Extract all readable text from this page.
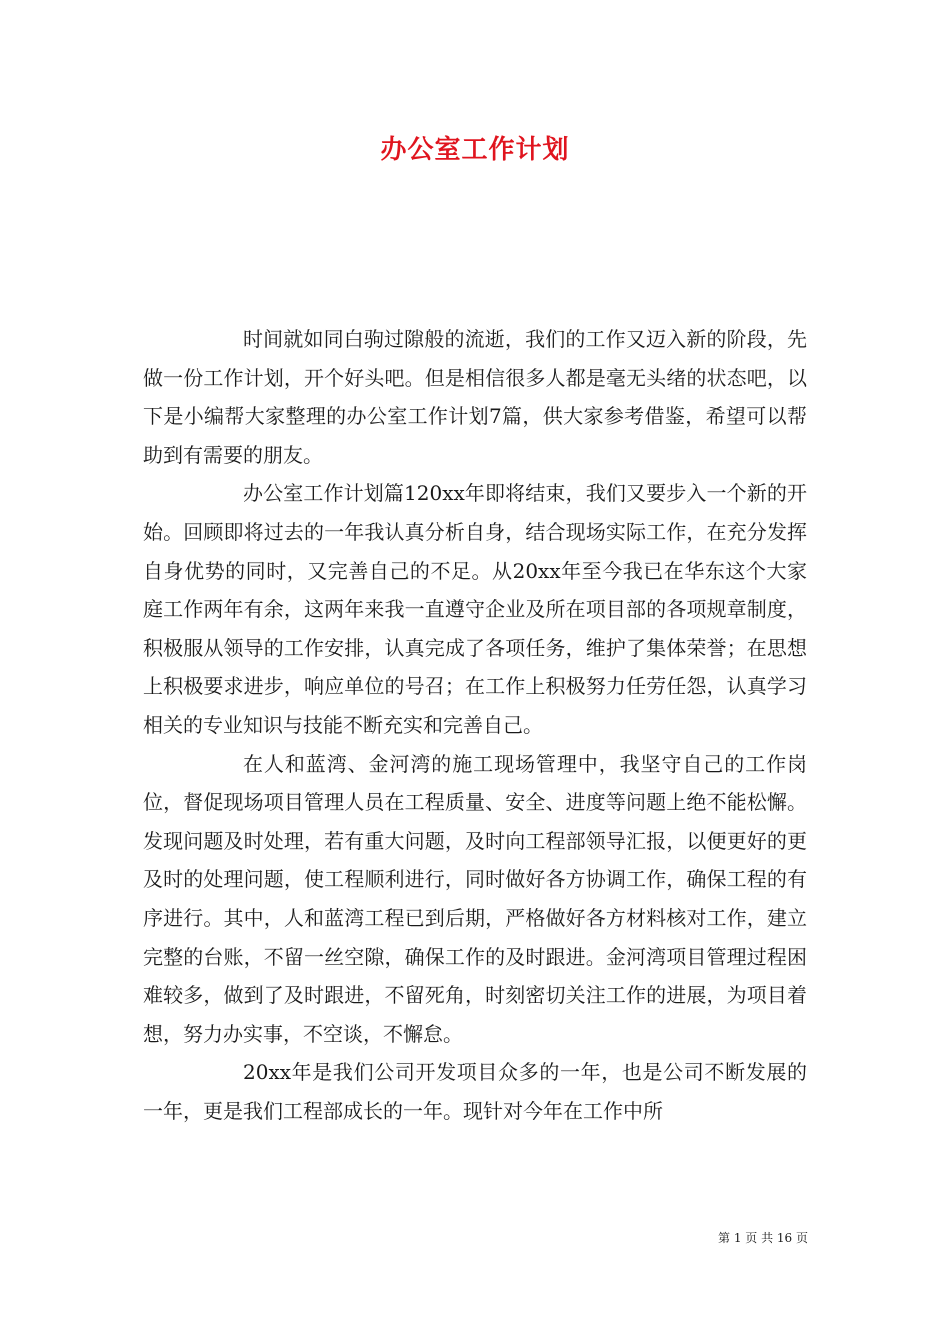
办公室工作计划

时间就如同白驹过隙般的流逝，我们的工作又迈入新的阶段，先做一份工作计划，开个好头吧。但是相信很多人都是毫无头绪的状态吧，以下是小编帮大家整理的办公室工作计划7篇，供大家参考借鉴，希望可以帮助到有需要的朋友。

办公室工作计划篇120xx年即将结束，我们又要步入一个新的开始。回顾即将过去的一年我认真分析自身，结合现场实际工作，在充分发挥自身优势的同时，又完善自己的不足。从20xx年至今我已在华东这个大家庭工作两年有余，这两年来我一直遵守企业及所在项目部的各项规章制度，积极服从领导的工作安排，认真完成了各项任务，维护了集体荣誉；在思想上积极要求进步，响应单位的号召；在工作上积极努力任劳任怨，认真学习相关的专业知识与技能不断充实和完善自己。

在人和蓝湾、金河湾的施工现场管理中，我坚守自己的工作岗位，督促现场项目管理人员在工程质量、安全、进度等问题上绝不能松懈。发现问题及时处理，若有重大问题，及时向工程部领导汇报，以便更好的更及时的处理问题，使工程顺利进行，同时做好各方协调工作，确保工程的有序进行。其中，人和蓝湾工程已到后期，严格做好各方材料核对工作，建立完整的台账，不留一丝空隙，确保工作的及时跟进。金河湾项目管理过程困难较多，做到了及时跟进，不留死角，时刻密切关注工作的进展，为项目着想，努力办实事，不空谈，不懈怠。

20xx年是我们公司开发项目众多的一年，也是公司不断发展的一年，更是我们工程部成长的一年。现针对今年在工作中所

第 1 页 共 16 页
